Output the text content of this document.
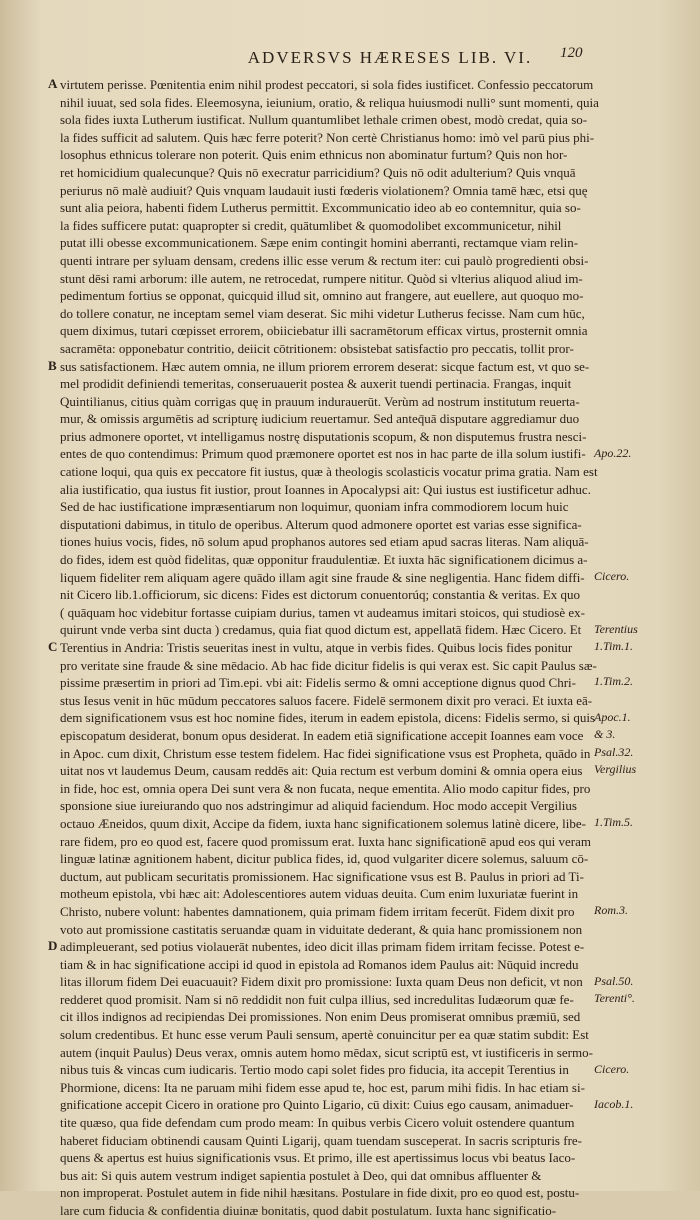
ADVERSVS HÆRESES LIB. VI.	120
virtutem perisse. Pœnitentia enim nihil prodest peccatori, si sola fides iustificet. Confessio peccatorum
nihil iuuat, sed sola fides. Eleemosyna, ieiunium, oratio, & reliqua huiusmodi nulli° sunt momenti, quia
sola fides iuxta Lutherum iustificat. Nullum quantumlibet lethale crimen obest, modò credat, quia so-
la fides sufficit ad salutem. Quis hæc ferre poterit? Non certè Christianus homo: imò vel parū pius phi-
losophus ethnicus tolerare non poterit. Quis enim ethnicus non abominatur furtum? Quis non hor-
ret homicidium qualecunque? Quis nō execratur parricidium? Quis nō odit adulterium? Quis vnquā
periurus nō malè audiuit? Quis vnquam laudauit iusti fœderis violationem? Omnia tamē hæc, etsi quę
sunt alia peiora, habenti fidem Lutherus permittit. Excommunicatio ideo ab eo contemnitur, quia so-
la fides sufficere putat: quapropter si credit, quātumlibet & quomodolibet excommunicetur, nihil
putat illi obesse excommunicationem. Sæpe enim contingit homini aberranti, rectamque viam relin-
quenti intrare per syluam densam, credens illic esse verum & rectum iter: cui paulò progredienti obsi-
stunt dēsi rami arborum: ille autem, ne retrocedat, rumpere nititur. Quòd si vlterius aliquod aliud im-
pedimentum fortius se opponat, quicquid illud sit, omnino aut frangere, aut euellere, aut quoquo mo-
do tollere conatur, ne inceptam semel viam deserat. Sic mihi videtur Lutherus fecisse. Nam cum hūc,
quem diximus, tutari cœpisset errorem, obiiciebatur illi sacramētorum efficax virtus, prosternit omnia
sacramēta: opponebatur contritio, deiicit cōtritionem: obsistebat satisfactio pro peccatis, tollit pror-
sus satisfactionem. Hæc autem omnia, ne illum priorem errorem deserat: sicque factum est, vt quo se-
mel prodidit definiendi temeritas, conseruauerit postea & auxerit tuendi pertinacia. Frangas, inquit
Quintilianus, citius quàm corrigas quę in prauum indurauerūt. Verùm ad nostrum institutum reuerta-
mur, & omissis argumētis ad scripturę iudicium reuertamur. Sed anteq̄uā disputare aggrediamur duo
prius admonere oportet, vt intelligamus nostrę disputationis scopum, & non disputemus frustra nesci-
entes de quo contendimus: Primum quod præmonere oportet est nos in hac parte de illa solum iustifi-
catione loqui, qua quis ex peccatore fit iustus, quæ à theologis scolasticis vocatur prima gratia. Nam est
alia iustificatio, qua iustus fit iustior, prout Ioannes in Apocalypsi ait: Qui iustus est iustificetur adhuc.
Sed de hac iustificatione impræsentiarum non loquimur, quoniam infra commodiorem locum huic
disputationi dabimus, in titulo de operibus. Alterum quod admonere oportet est varias esse significa-
tiones huius vocis, fides, nō solum apud prophanos autores sed etiam apud sacras literas. Nam aliquā-
do fides, idem est quòd fidelitas, quæ opponitur fraudulentiæ. Et iuxta hāc significationem dicimus a-
liquem fideliter rem aliquam agere quādo illam agit sine fraude & sine negligentia. Hanc fidem diffi-
nit Cicero lib.1.officiorum, sic dicens: Fides est dictorum conuentorúq; constantia & veritas. Ex quo
( quāquam hoc videbitur fortasse cuipiam durius, tamen vt audeamus imitari stoicos, qui studiosè ex-
quirunt vnde verba sint ducta ) credamus, quia fiat quod dictum est, appellatā fidem. Hæc Cicero. Et
Terentius in Andria: Tristis seueritas inest in vultu, atque in verbis fides. Quibus locis fides ponitur
pro veritate sine fraude & sine mēdacio. Ab hac fide dicitur fidelis is qui verax est. Sic capit Paulus sæ-
pissime præsertim in priori ad Tim.epi. vbi ait: Fidelis sermo & omni acceptione dignus quod Chri-
stus Iesus venit in hūc mūdum peccatores saluos facere. Fidelē sermonem dixit pro veraci. Et iuxta eā-
dem significationem vsus est hoc nomine fides, iterum in eadem epistola, dicens: Fidelis sermo, si quis
episcopatum desiderat, bonum opus desiderat. In eadem etiā significatione accepit Ioannes eam voce
in Apoc. cum dixit, Christum esse testem fidelem. Hac fidei significatione vsus est Propheta, quādo in
uitat nos vt laudemus Deum, causam reddēs ait: Quia rectum est verbum domini & omnia opera eius
in fide, hoc est, omnia opera Dei sunt vera & non fucata, neque ementita. Alio modo capitur fides, pro
sponsione siue iureiurando quo nos adstringimur ad aliquid faciendum. Hoc modo accepit Vergilius
octauo Æneidos, quum dixit, Accipe da fidem, iuxta hanc significationem solemus latinè dicere, libe-
rare fidem, pro eo quod est, facere quod promissum erat. Iuxta hanc significationē apud eos qui veram
linguæ latinæ agnitionem habent, dicitur publica fides, id, quod vulgariter dicere solemus, saluum cō-
ductum, aut publicam securitatis promissionem. Hac significatione vsus est B. Paulus in priori ad Ti-
motheum epistola, vbi hæc ait: Adolescentiores autem viduas deuita. Cum enim luxuriatæ fuerint in
Christo, nubere volunt: habentes damnationem, quia primam fidem irritam fecerūt. Fidem dixit pro
voto aut promissione castitatis seruandæ quam in viduitate dederant, & quia hanc promissionem non
adimpleuerant, sed potius violauerāt nubentes, ideo dicit illas primam fidem irritam fecisse. Potest e-
tiam & in hac significatione accipi id quod in epistola ad Romanos idem Paulus ait: Nūquid incredu
litas illorum fidem Dei euacuauit? Fidem dixit pro promissione: Iuxta quam Deus non deficit, vt non
redderet quod promisit. Nam si nō reddidit non fuit culpa illius, sed incredulitas Iudæorum quæ fe-
cit illos indignos ad recipiendas Dei promissiones. Non enim Deus promiserat omnibus præmiū, sed
solum credentibus. Et hunc esse verum Pauli sensum, apertè conuincitur per ea quæ statim subdit: Est
autem (inquit Paulus) Deus verax, omnis autem homo mēdax, sicut scriptū est, vt iustificeris in sermo-
nibus tuis & vincas cum iudicaris. Tertio modo capi solet fides pro fiducia, ita accepit Terentius in
Phormione, dicens: Ita ne paruam mihi fidem esse apud te, hoc est, parum mihi fidis. In hac etiam si-
gnificatione accepit Cicero in oratione pro Quinto Ligario, cū dixit: Cuius ego causam, animaduer-
tite quæso, qua fide defendam cum prodo meam: In quibus verbis Cicero voluit ostendere quantum
haberet fiduciam obtinendi causam Quinti Ligarij, quam tuendam susceperat. In sacris scripturis fre-
quens & apertus est huius significationis vsus. Et primo, ille est apertissimus locus vbi beatus Iaco-
bus ait: Si quis autem vestrum indiget sapientia postulet à Deo, qui dat omnibus affluenter &
non improperat. Postulet autem in fide nihil hæsitans. Postulare in fide dixit, pro eo quod est, postu-
lare cum fiducia & confidentia diuinæ bonitatis, quod dabit postulatum. Iuxta hanc significatio-
A
B
C
D
Apo.22.
Cicero.
Terentius
1.Tim.1.
1.Tim.2.
Apoc.1.
& 3.
Psal.32.
Vergilius
1.Tim.5.
Rom.3.
Psal.50.
Terenti°.
Cicero.
Iacob.1.
